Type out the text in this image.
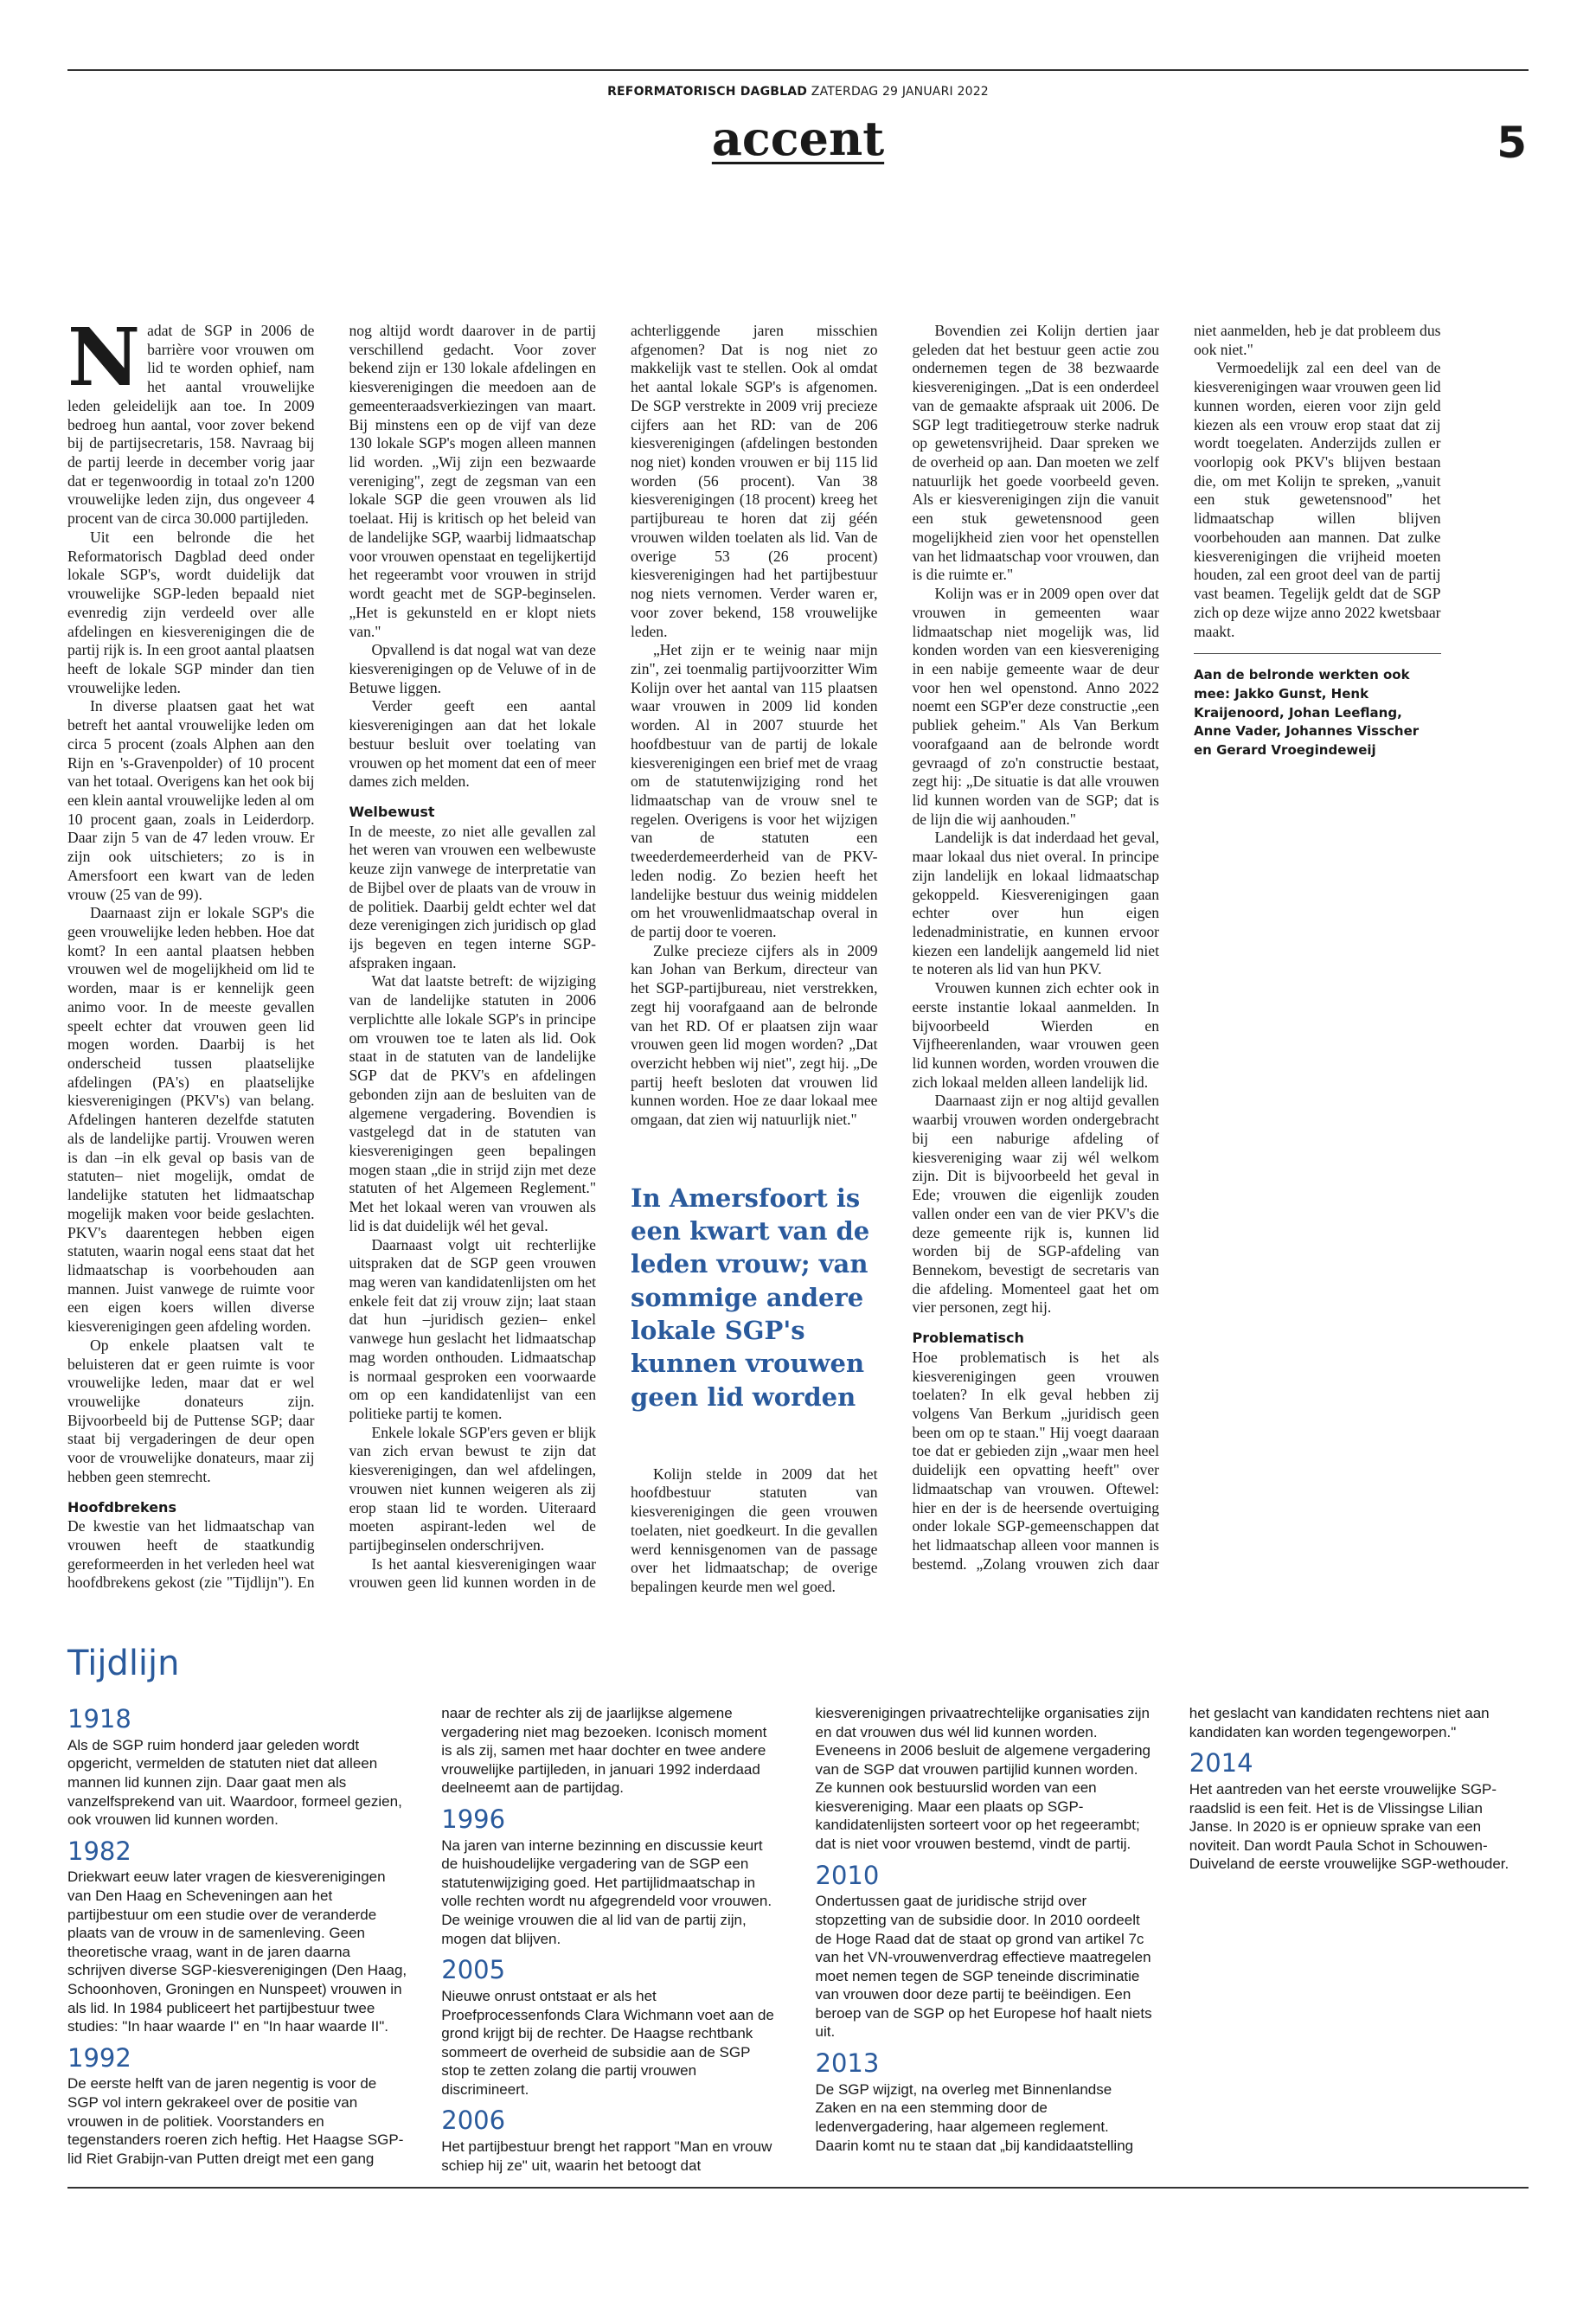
REFORMATORISCH DAGBLAD ZATERDAG 29 JANUARI 2022
accent	5

Nadat de SGP in 2006 de barrière voor vrouwen om lid te worden ophief, nam het aantal vrouwelijke leden geleidelijk aan toe. In 2009 bedroeg hun aantal, voor zover bekend bij de partijsecretaris, 158. Navraag bij de partij leerde in december vorig jaar dat er tegenwoordig in totaal zo'n 1200 vrouwelijke leden zijn, dus ongeveer 4 procent van de circa 30.000 partijleden.

Uit een belronde die het Reformatorisch Dagblad deed onder lokale SGP's, wordt duidelijk dat vrouwelijke SGP-leden bepaald niet evenredig zijn verdeeld over alle afdelingen en kiesverenigingen die de partij rijk is. In een groot aantal plaatsen heeft de lokale SGP minder dan tien vrouwelijke leden.

In diverse plaatsen gaat het wat betreft het aantal vrouwelijke leden om circa 5 procent (zoals Alphen aan den Rijn en 's-Gravenpolder) of 10 procent van het totaal. Overigens kan het ook bij een klein aantal vrouwelijke leden al om 10 procent gaan, zoals in Leiderdorp. Daar zijn 5 van de 47 leden vrouw. Er zijn ook uitschieters; zo is in Amersfoort een kwart van de leden vrouw (25 van de 99).

Daarnaast zijn er lokale SGP's die geen vrouwelijke leden hebben. Hoe dat komt? In een aantal plaatsen hebben vrouwen wel de mogelijkheid om lid te worden, maar is er kennelijk geen animo voor. In de meeste gevallen speelt echter dat vrouwen geen lid mogen worden. Daarbij is het onderscheid tussen plaatselijke afdelingen (PA's) en plaatselijke kiesverenigingen (PKV's) van belang. Afdelingen hanteren dezelfde statuten als de landelijke partij. Vrouwen weren is dan –in elk geval op basis van de statuten– niet mogelijk, omdat de landelijke statuten het lidmaatschap mogelijk maken voor beide geslachten. PKV's daarentegen hebben eigen statuten, waarin nogal eens staat dat het lidmaatschap is voorbehouden aan mannen. Juist vanwege de ruimte voor een eigen koers willen diverse kiesverenigingen geen afdeling worden.

Op enkele plaatsen valt te beluisteren dat er geen ruimte is voor vrouwelijke leden, maar dat er wel vrouwelijke donateurs zijn. Bijvoorbeeld bij de Puttense SGP; daar staat bij vergaderingen de deur open voor de vrouwelijke donateurs, maar zij hebben geen stemrecht.

Hoofdbrekens

De kwestie van het lidmaatschap van vrouwen heeft de staatkundig gereformeerden in het verleden heel wat hoofdbrekens gekost (zie "Tijdlijn"). En nog altijd wordt daarover in de partij verschillend gedacht. Voor zover bekend zijn er 130 lokale afdelingen en kiesverenigingen die meedoen aan de gemeenteraadsverkiezingen van maart. Bij minstens een op de vijf van deze 130 lokale SGP's mogen alleen mannen lid worden. „Wij zijn een bezwaarde vereniging", zegt de zegsman van een lokale SGP die geen vrouwen als lid toelaat. Hij is kritisch op het beleid van de landelijke SGP, waarbij lidmaatschap voor vrouwen openstaat en tegelijkertijd het regeerambt voor vrouwen in strijd wordt geacht met de SGP-beginselen. „Het is gekunsteld en er klopt niets van."

Opvallend is dat nogal wat van deze kiesverenigingen op de Veluwe of in de Betuwe liggen.

Verder geeft een aantal kiesverenigingen aan dat het lokale bestuur besluit over toelating van vrouwen op het moment dat een of meer dames zich melden.

Welbewust

In de meeste, zo niet alle gevallen zal het weren van vrouwen een welbewuste keuze zijn vanwege de interpretatie van de Bijbel over de plaats van de vrouw in de politiek. Daarbij geldt echter wel dat deze verenigingen zich juridisch op glad ijs begeven en tegen interne SGP-afspraken ingaan.

Wat dat laatste betreft: de wijziging van de landelijke statuten in 2006 verplichtte alle lokale SGP's in principe om vrouwen toe te laten als lid. Ook staat in de statuten van de landelijke SGP dat de PKV's en afdelingen gebonden zijn aan de besluiten van de algemene vergadering. Bovendien is vastgelegd dat in de statuten van kiesverenigingen geen bepalingen mogen staan „die in strijd zijn met deze statuten of het Algemeen Reglement." Met het lokaal weren van vrouwen als lid is dat duidelijk wél het geval.

Daarnaast volgt uit rechterlijke uitspraken dat de SGP geen vrouwen mag weren van kandidatenlijsten om het enkele feit dat zij vrouw zijn; laat staan dat hun –juridisch gezien– enkel vanwege hun geslacht het lidmaatschap mag worden onthouden. Lidmaatschap is normaal gesproken een voorwaarde om op een kandidatenlijst van een politieke partij te komen.

Enkele lokale SGP'ers geven er blijk van zich ervan bewust te zijn dat kiesverenigingen, dan wel afdelingen, vrouwen niet kunnen weigeren als zij erop staan lid te worden. Uiteraard moeten aspirant-leden wel de partijbeginselen onderschrijven.

Is het aantal kiesverenigingen waar vrouwen geen lid kunnen worden in de achterliggende jaren misschien afgenomen? Dat is nog niet zo makkelijk vast te stellen. Ook al omdat het aantal lokale SGP's is afgenomen. De SGP verstrekte in 2009 vrij precieze cijfers aan het RD: van de 206 kiesverenigingen (afdelingen bestonden nog niet) konden vrouwen er bij 115 lid worden (56 procent). Van 38 kiesverenigingen (18 procent) kreeg het partijbureau te horen dat zij géén vrouwen wilden toelaten als lid. Van de overige 53 (26 procent) kiesverenigingen had het partijbestuur nog niets vernomen. Verder waren er, voor zover bekend, 158 vrouwelijke leden.

„Het zijn er te weinig naar mijn zin", zei toenmalig partijvoorzitter Wim Kolijn over het aantal van 115 plaatsen waar vrouwen in 2009 lid konden worden. Al in 2007 stuurde het hoofdbestuur van de partij de lokale kiesverenigingen een brief met de vraag om de statutenwijziging rond het lidmaatschap van de vrouw snel te regelen. Overigens is voor het wijzigen van de statuten een tweederdemeerderheid van de PKV-leden nodig. Zo bezien heeft het landelijke bestuur dus weinig middelen om het vrouwenlidmaatschap overal in de partij door te voeren.

Zulke precieze cijfers als in 2009 kan Johan van Berkum, directeur van het SGP-partijbureau, niet verstrekken, zegt hij voorafgaand aan de belronde van het RD. Of er plaatsen zijn waar vrouwen geen lid mogen worden? „Dat overzicht hebben wij niet", zegt hij. „De partij heeft besloten dat vrouwen lid kunnen worden. Hoe ze daar lokaal mee omgaan, dat zien wij natuurlijk niet."

In Amersfoort is een kwart van de leden vrouw; van sommige andere lokale SGP's kunnen vrouwen geen lid worden

Kolijn stelde in 2009 dat het hoofdbestuur statuten van kiesverenigingen die geen vrouwen toelaten, niet goedkeurt. In die gevallen werd kennisgenomen van de passage over het lidmaatschap; de overige bepalingen keurde men wel goed.

Bovendien zei Kolijn dertien jaar geleden dat het bestuur geen actie zou ondernemen tegen de 38 bezwaarde kiesverenigingen. „Dat is een onderdeel van de gemaakte afspraak uit 2006. De SGP legt traditiegetrouw sterke nadruk op gewetensvrijheid. Daar spreken we de overheid op aan. Dan moeten we zelf natuurlijk het goede voorbeeld geven. Als er kiesverenigingen zijn die vanuit een stuk gewetensnood geen mogelijkheid zien voor het openstellen van het lidmaatschap voor vrouwen, dan is die ruimte er."

Kolijn was er in 2009 open over dat vrouwen in gemeenten waar lidmaatschap niet mogelijk was, lid konden worden van een kiesvereniging in een nabije gemeente waar de deur voor hen wel openstond. Anno 2022 noemt een SGP'er deze constructie „een publiek geheim." Als Van Berkum voorafgaand aan de belronde wordt gevraagd of zo'n constructie bestaat, zegt hij: „De situatie is dat alle vrouwen lid kunnen worden van de SGP; dat is de lijn die wij aanhouden."

Landelijk is dat inderdaad het geval, maar lokaal dus niet overal. In principe zijn landelijk en lokaal lidmaatschap gekoppeld. Kiesverenigingen gaan echter over hun eigen ledenadministratie, en kunnen ervoor kiezen een landelijk aangemeld lid niet te noteren als lid van hun PKV.

Vrouwen kunnen zich echter ook in eerste instantie lokaal aanmelden. In bijvoorbeeld Wierden en Vijfheerenlanden, waar vrouwen geen lid kunnen worden, worden vrouwen die zich lokaal melden alleen landelijk lid.

Daarnaast zijn er nog altijd gevallen waarbij vrouwen worden ondergebracht bij een naburige afdeling of kiesvereniging waar zij wél welkom zijn. Dit is bijvoorbeeld het geval in Ede; vrouwen die eigenlijk zouden vallen onder een van de vier PKV's die deze gemeente rijk is, kunnen lid worden bij de SGP-afdeling van Bennekom, bevestigt de secretaris van die afdeling. Momenteel gaat het om vier personen, zegt hij.

Problematisch

Hoe problematisch is het als kiesverenigingen geen vrouwen toelaten? In elk geval hebben zij volgens Van Berkum „juridisch geen been om op te staan." Hij voegt daaraan toe dat er gebieden zijn „waar men heel duidelijk een opvatting heeft" over lidmaatschap van vrouwen. Oftewel: hier en der is de heersende overtuiging onder lokale SGP-gemeenschappen dat het lidmaatschap alleen voor mannen is bestemd. „Zolang vrouwen zich daar niet aanmelden, heb je dat probleem dus ook niet."

Vermoedelijk zal een deel van de kiesverenigingen waar vrouwen geen lid kunnen worden, eieren voor zijn geld kiezen als een vrouw erop staat dat zij wordt toegelaten. Anderzijds zullen er voorlopig ook PKV's blijven bestaan die, om met Kolijn te spreken, „vanuit een stuk gewetensnood" het lidmaatschap willen blijven voorbehouden aan mannen. Dat zulke kiesverenigingen die vrijheid moeten houden, zal een groot deel van de partij vast beamen. Tegelijk geldt dat de SGP zich op deze wijze anno 2022 kwetsbaar maakt.

Aan de belronde werkten ook mee: Jakko Gunst, Henk Kraijenoord, Johan Leeflang, Anne Vader, Johannes Visscher en Gerard Vroegindeweij
Tijdlijn
1918

Als de SGP ruim honderd jaar geleden wordt opgericht, vermelden de statuten niet dat alleen mannen lid kunnen zijn. Daar gaat men als vanzelfsprekend van uit. Waardoor, formeel gezien, ook vrouwen lid kunnen worden.

1982

Driekwart eeuw later vragen de kiesverenigingen van Den Haag en Scheveningen aan het partijbestuur om een studie over de veranderde plaats van de vrouw in de samenleving. Geen theoretische vraag, want in de jaren daarna schrijven diverse SGP-kiesverenigingen (Den Haag, Schoonhoven, Groningen en Nunspeet) vrouwen in als lid. In 1984 publiceert het partijbestuur twee studies: "In haar waarde I" en "In haar waarde II".

1992

De eerste helft van de jaren negentig is voor de SGP vol intern gekrakeel over de positie van vrouwen in de politiek. Voorstanders en tegenstanders roeren zich heftig. Het Haagse SGP-lid Riet Grabijn-van Putten dreigt met een gang naar de rechter als zij de jaarlijkse algemene vergadering niet mag bezoeken. Iconisch moment is als zij, samen met haar dochter en twee andere vrouwelijke partijleden, in januari 1992 inderdaad deelneemt aan de partijdag.

1996

Na jaren van interne bezinning en discussie keurt de huishoudelijke vergadering van de SGP een statutenwijziging goed. Het partijlidmaatschap in volle rechten wordt nu afgegrendeld voor vrouwen. De weinige vrouwen die al lid van de partij zijn, mogen dat blijven.

2005

Nieuwe onrust ontstaat er als het Proefprocessenfonds Clara Wichmann voet aan de grond krijgt bij de rechter. De Haagse rechtbank sommeert de overheid de subsidie aan de SGP stop te zetten zolang die partij vrouwen discrimineert.

2006

Het partijbestuur brengt het rapport "Man en vrouw schiep hij ze" uit, waarin het betoogt dat kiesverenigingen privaatrechtelijke organisaties zijn en dat vrouwen dus wél lid kunnen worden. Eveneens in 2006 besluit de algemene vergadering van de SGP dat vrouwen partijlid kunnen worden. Ze kunnen ook bestuurslid worden van een kiesvereniging. Maar een plaats op SGP-kandidatenlijsten sorteert voor op het regeerambt; dat is niet voor vrouwen bestemd, vindt de partij.

2010

Ondertussen gaat de juridische strijd over stopzetting van de subsidie door. In 2010 oordeelt de Hoge Raad dat de staat op grond van artikel 7c van het VN-vrouwenverdrag effectieve maatregelen moet nemen tegen de SGP teneinde discriminatie van vrouwen door deze partij te beëindigen. Een beroep van de SGP op het Europese hof haalt niets uit.

2013

De SGP wijzigt, na overleg met Binnenlandse Zaken en na een stemming door de ledenvergadering, haar algemeen reglement. Daarin komt nu te staan dat „bij kandidaatstelling het geslacht van kandidaten rechtens niet aan kandidaten kan worden tegengeworpen."

2014

Het aantreden van het eerste vrouwelijke SGP-raadslid is een feit. Het is de Vlissingse Lilian Janse. In 2020 is er opnieuw sprake van een noviteit. Dan wordt Paula Schot in Schouwen-Duiveland de eerste vrouwelijke SGP-wethouder.
